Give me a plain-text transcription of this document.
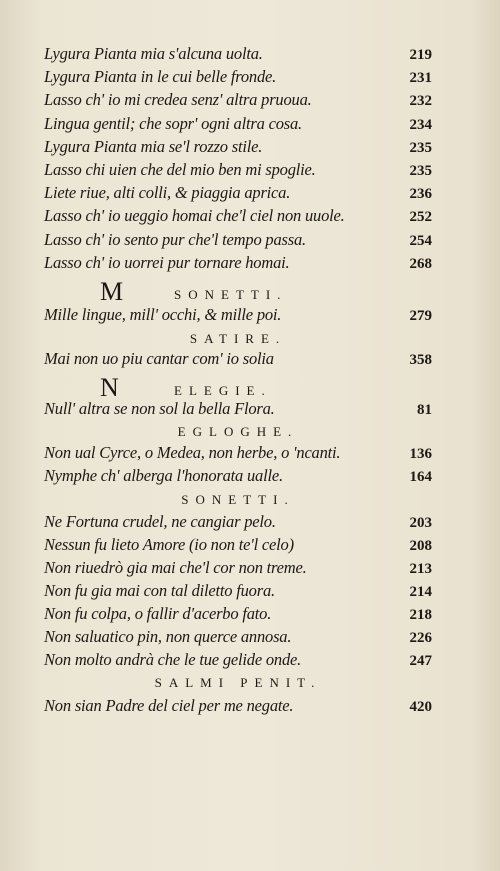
Lygura Pianta mia s'alcuna uolta.	219
Lygura Pianta in le cui belle fronde.	231
Lasso ch' io mi credea senz' altra pruoua.	232
Lingua gentil; che sopr' ogni altra cosa.	234
Lygura Pianta mia se'l rozzo stile.	235
Lasso chi uien che del mio ben mi spoglie.	235
Liete riue, alti colli, & piaggia aprica.	236
Lasso ch' io ueggio homai che'l ciel non uuole.	252
Lasso ch' io sento pur che'l tempo passa.	254
Lasso ch' io uorrei pur tornare homai.	268
M	SONETTI.
Mille lingue, mill' occhi, & mille poi.	279
SATIRE.
Mai non uo piu cantar com' io solia	358
N	ELEGIE.
Null' altra se non sol la bella Flora.	81
EGLOGHE.
Non ual Cyrce, o Medea, non herbe, o 'ncanti.	136
Nymphe ch' alberga l'honorata ualle.	164
SONETTI.
Ne Fortuna crudel, ne cangiar pelo.	203
Nessun fu lieto Amore (io non te'l celo)	208
Non riuedrò gia mai che'l cor non treme.	213
Non fu gia mai con tal diletto fuora.	214
Non fu colpa, o fallir d'acerbo fato.	218
Non saluatico pin, non querce annosa.	226
Non molto andrà che le tue gelide onde.	247
SALMI PENIT.
Non sian Padre del ciel per me negate.	420
